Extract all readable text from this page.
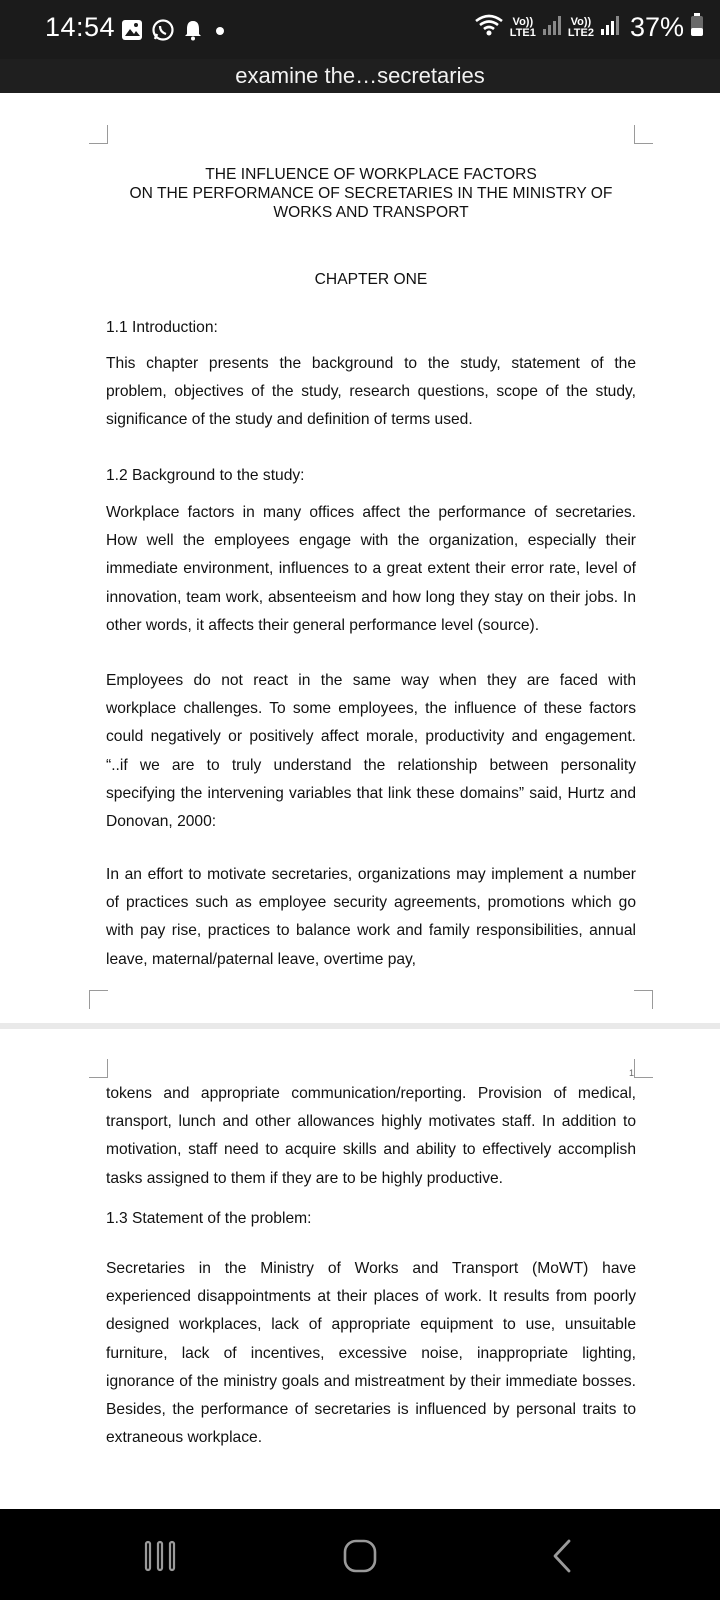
14:54	Vo))
LTE1
Vo))
LTE2 37%
examine the…secretaries
THE INFLUENCE OF WORKPLACE FACTORS
ON THE PERFORMANCE OF SECRETARIES IN THE MINISTRY OF
WORKS AND TRANSPORT
CHAPTER ONE
1.1 Introduction:
This chapter presents the background to the study, statement of the problem, objectives of the study, research questions, scope of the study, significance of the study and definition of terms used.
1.2 Background to the study:
Workplace factors in many offices affect the performance of secretaries. How well the employees engage with the organization, especially their immediate environment, influences to a great extent their error rate, level of innovation, team work, absenteeism and how long they stay on their jobs. In other words, it affects their general performance level (source).
Employees do not react in the same way when they are faced with workplace challenges. To some employees, the influence of these factors could negatively or positively affect morale, productivity and engagement. “..if we are to truly understand the relationship between personality specifying the intervening variables that link these domains” said, Hurtz and Donovan, 2000:
In an effort to motivate secretaries, organizations may implement a number of practices such as employee security agreements, promotions which go with pay rise, practices to balance work and family responsibilities, annual leave, maternal/paternal leave, overtime pay,
1
tokens and appropriate communication/reporting. Provision of medical, transport, lunch and other allowances highly motivates staff. In addition to motivation, staff need to acquire skills and ability to effectively accomplish tasks assigned to them if they are to be highly productive.
1.3 Statement of the problem:
Secretaries in the Ministry of Works and Transport (MoWT) have experienced disappointments at their places of work. It results from poorly designed workplaces, lack of appropriate equipment to use, unsuitable furniture, lack of incentives, excessive noise, inappropriate lighting, ignorance of the ministry goals and mistreatment by their immediate bosses. Besides, the performance of secretaries is influenced by personal traits to extraneous workplace.
